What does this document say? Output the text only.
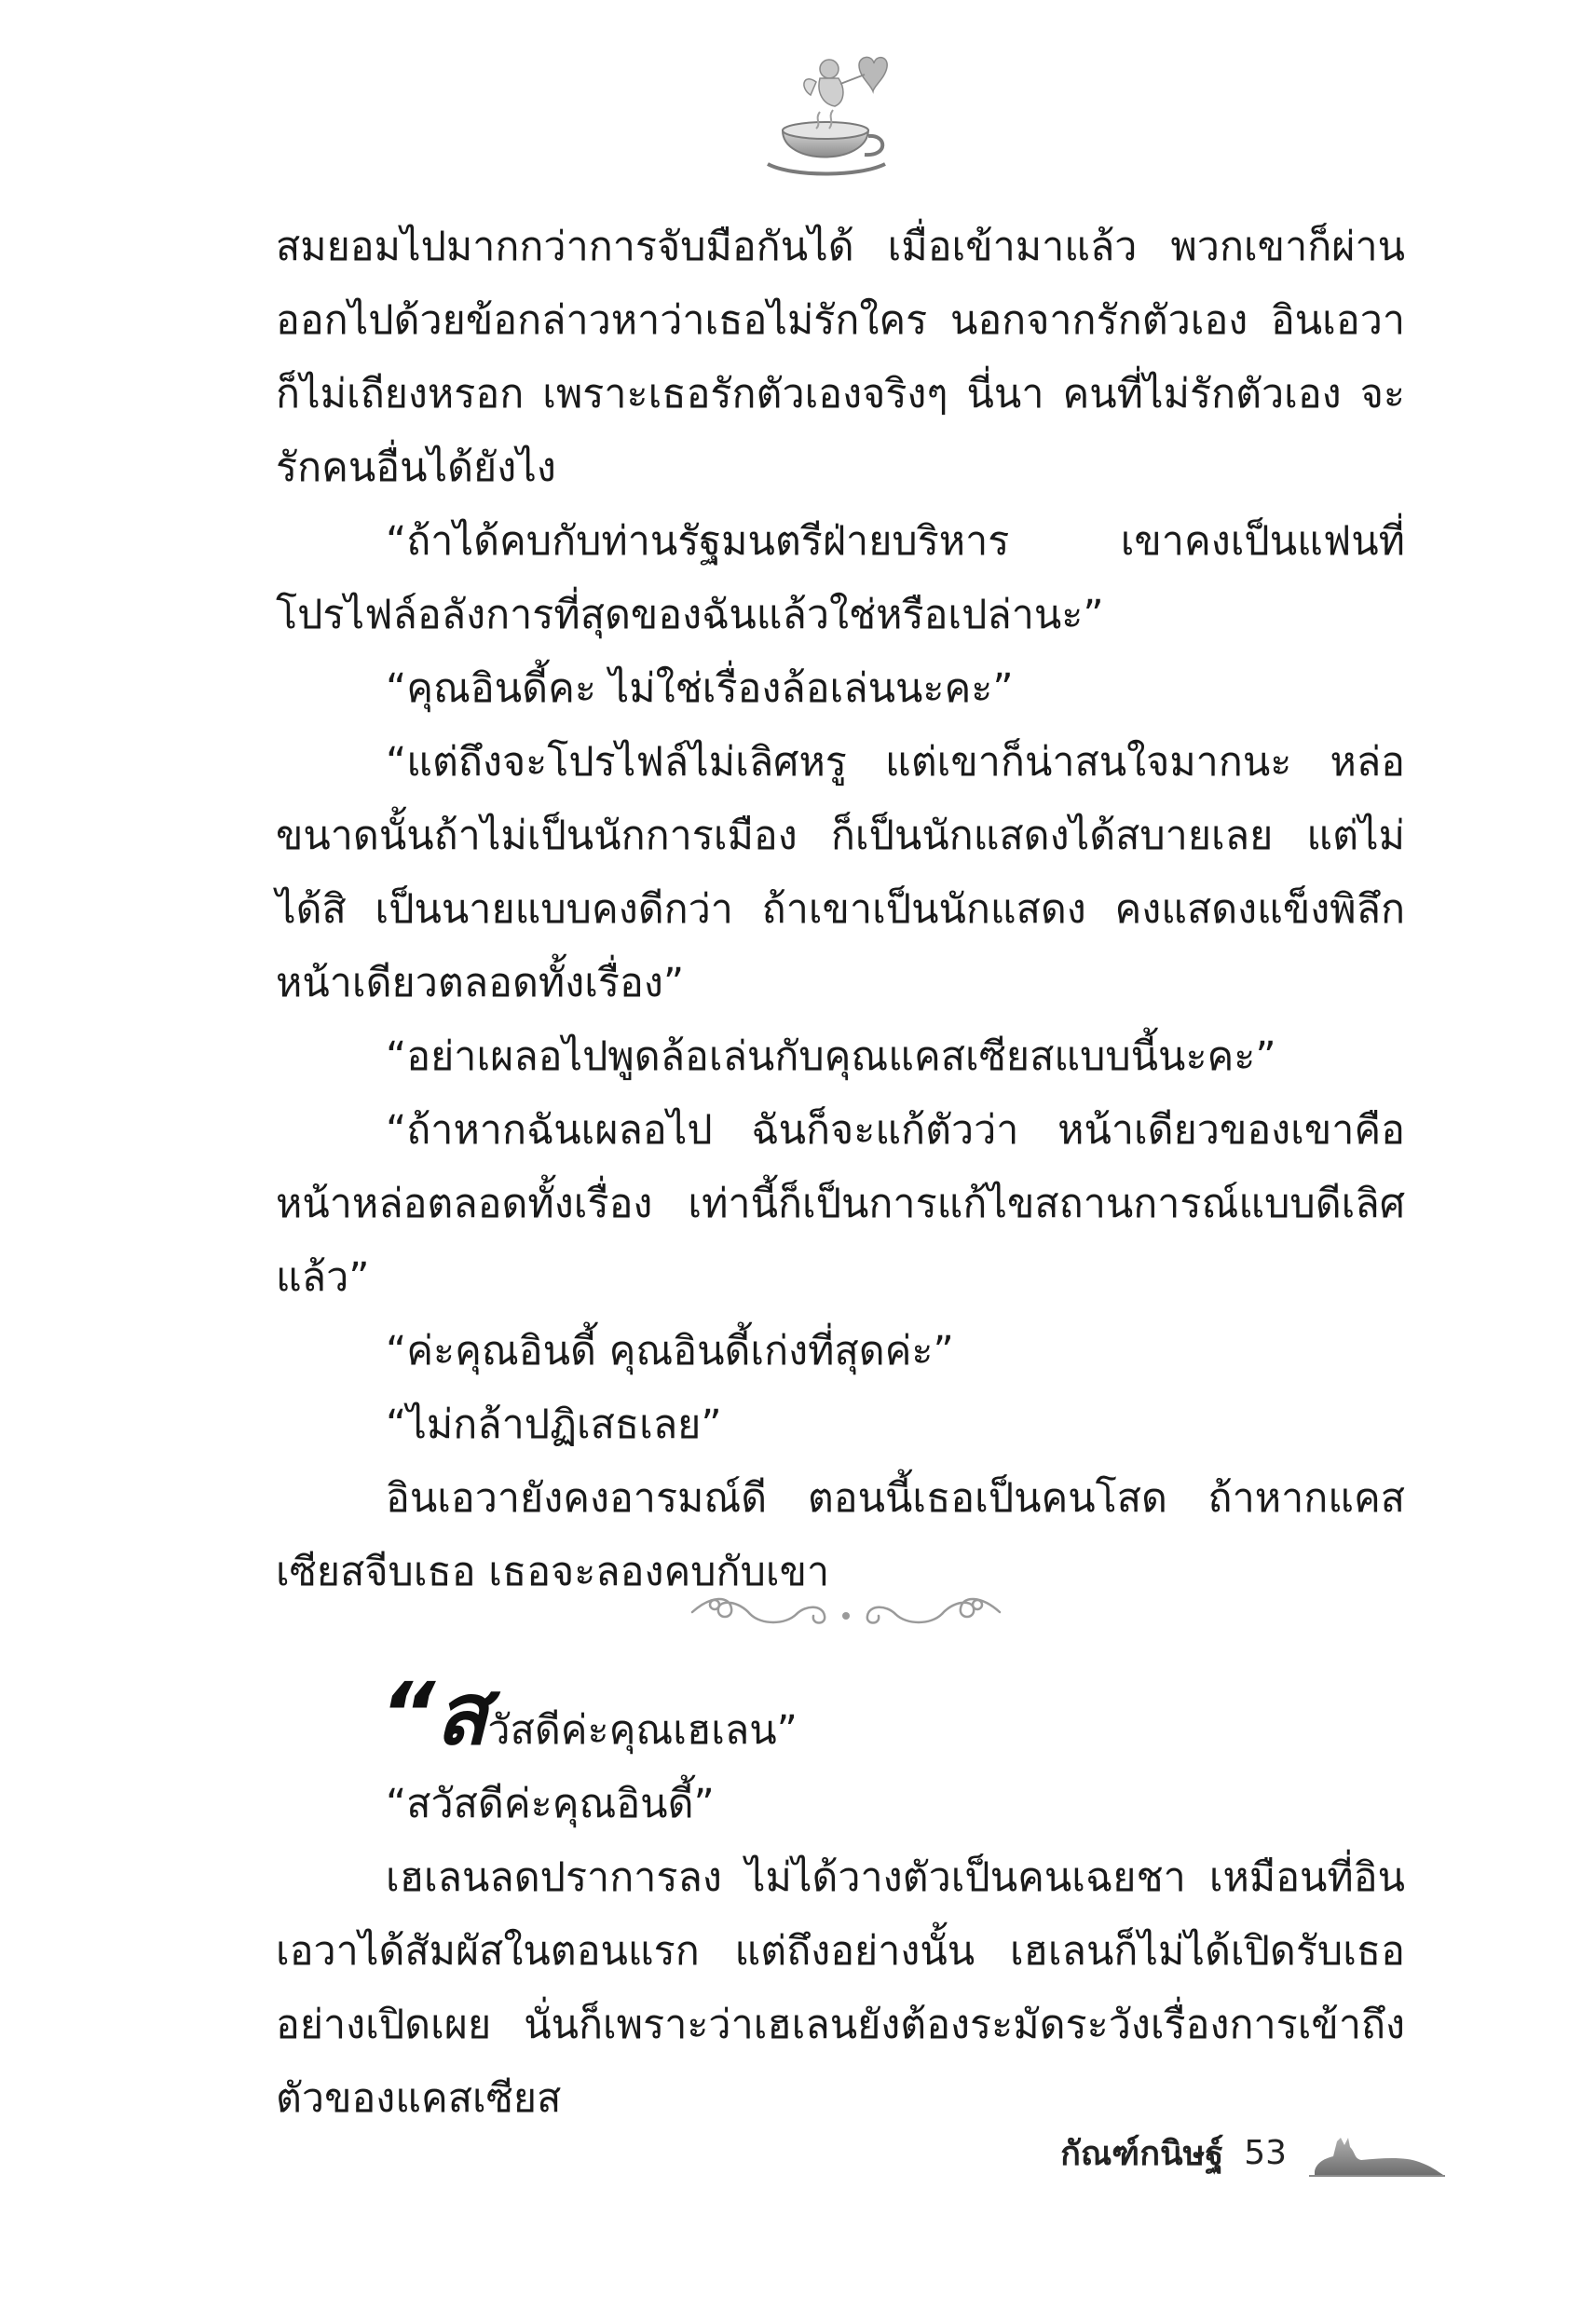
สมยอมไปมากกว่าการจับมือกันได้ เมื่อเข้ามาแล้ว พวกเขาก็ผ่านออกไปด้วยข้อกล่าวหาว่าเธอไม่รักใคร นอกจากรักตัวเอง อินเอวาก็ไม่เถียงหรอก เพราะเธอรักตัวเองจริงๆ นี่นา คนที่ไม่รักตัวเอง จะรักคนอื่นได้ยังไง

“ถ้าได้คบกับท่านรัฐมนตรีฝ่ายบริหาร เขาคงเป็นแฟนที่โปรไฟล์อลังการที่สุดของฉันแล้วใช่หรือเปล่านะ”

“คุณอินดี้คะ ไม่ใช่เรื่องล้อเล่นนะคะ”

“แต่ถึงจะโปรไฟล์ไม่เลิศหรู แต่เขาก็น่าสนใจมากนะ หล่อขนาดนั้นถ้าไม่เป็นนักการเมือง ก็เป็นนักแสดงได้สบายเลย แต่ไม่ได้สิ เป็นนายแบบคงดีกว่า ถ้าเขาเป็นนักแสดง คงแสดงแข็งพิลึก หน้าเดียวตลอดทั้งเรื่อง”

“อย่าเผลอไปพูดล้อเล่นกับคุณแคสเซียสแบบนี้นะคะ”

“ถ้าหากฉันเผลอไป ฉันก็จะแก้ตัวว่า หน้าเดียวของเขาคือหน้าหล่อตลอดทั้งเรื่อง เท่านี้ก็เป็นการแก้ไขสถานการณ์แบบดีเลิศแล้ว”

“ค่ะคุณอินดี้ คุณอินดี้เก่งที่สุดค่ะ”

“ไม่กล้าปฏิเสธเลย”

อินเอวายังคงอารมณ์ดี ตอนนี้เธอเป็นคนโสด ถ้าหากแคสเซียสจีบเธอ เธอจะลองคบกับเขา

“สวัสดีค่ะคุณเฮเลน”

“สวัสดีค่ะคุณอินดี้”

เฮเลนลดปราการลง ไม่ได้วางตัวเป็นคนเฉยชา เหมือนที่อินเอวาได้สัมผัสในตอนแรก แต่ถึงอย่างนั้น เฮเลนก็ไม่ได้เปิดรับเธออย่างเปิดเผย นั่นก็เพราะว่าเฮเลนยังต้องระมัดระวังเรื่องการเข้าถึงตัวของแคสเซียส

กัณฑ์กนิษฐ์ 53
